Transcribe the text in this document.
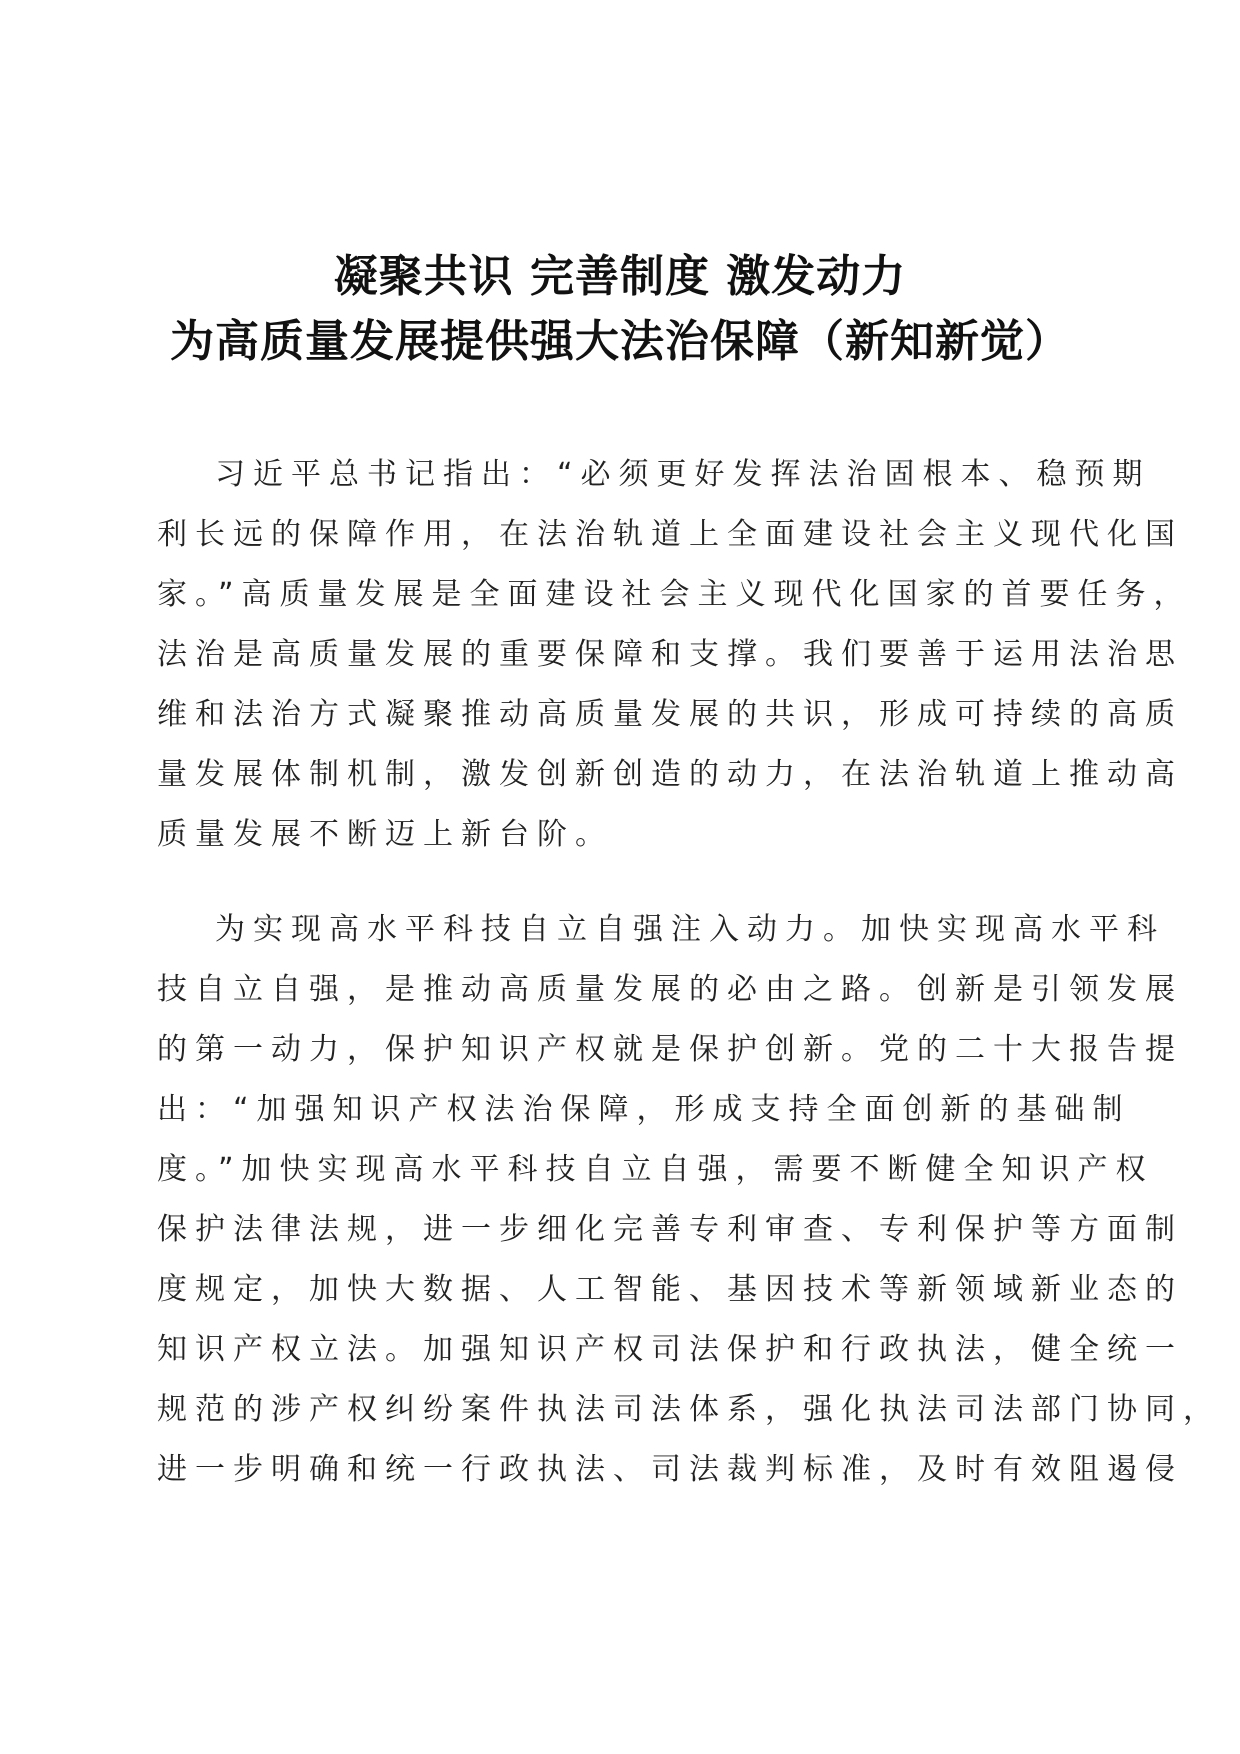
凝聚共识 完善制度 激发动力
为高质量发展提供强大法治保障（新知新觉）
习近平总书记指出：“必须更好发挥法治固根本、稳预期
利长远的保障作用，在法治轨道上全面建设社会主义现代化国
家。”高质量发展是全面建设社会主义现代化国家的首要任务，
法治是高质量发展的重要保障和支撑。我们要善于运用法治思
维和法治方式凝聚推动高质量发展的共识，形成可持续的高质
量发展体制机制，激发创新创造的动力，在法治轨道上推动高
质量发展不断迈上新台阶。
为实现高水平科技自立自强注入动力。加快实现高水平科
技自立自强，是推动高质量发展的必由之路。创新是引领发展
的第一动力，保护知识产权就是保护创新。党的二十大报告提
出：“加强知识产权法治保障，形成支持全面创新的基础制
度。”加快实现高水平科技自立自强，需要不断健全知识产权
保护法律法规，进一步细化完善专利审查、专利保护等方面制
度规定，加快大数据、人工智能、基因技术等新领域新业态的
知识产权立法。加强知识产权司法保护和行政执法，健全统一
规范的涉产权纠纷案件执法司法体系，强化执法司法部门协同，
进一步明确和统一行政执法、司法裁判标准，及时有效阻遏侵
